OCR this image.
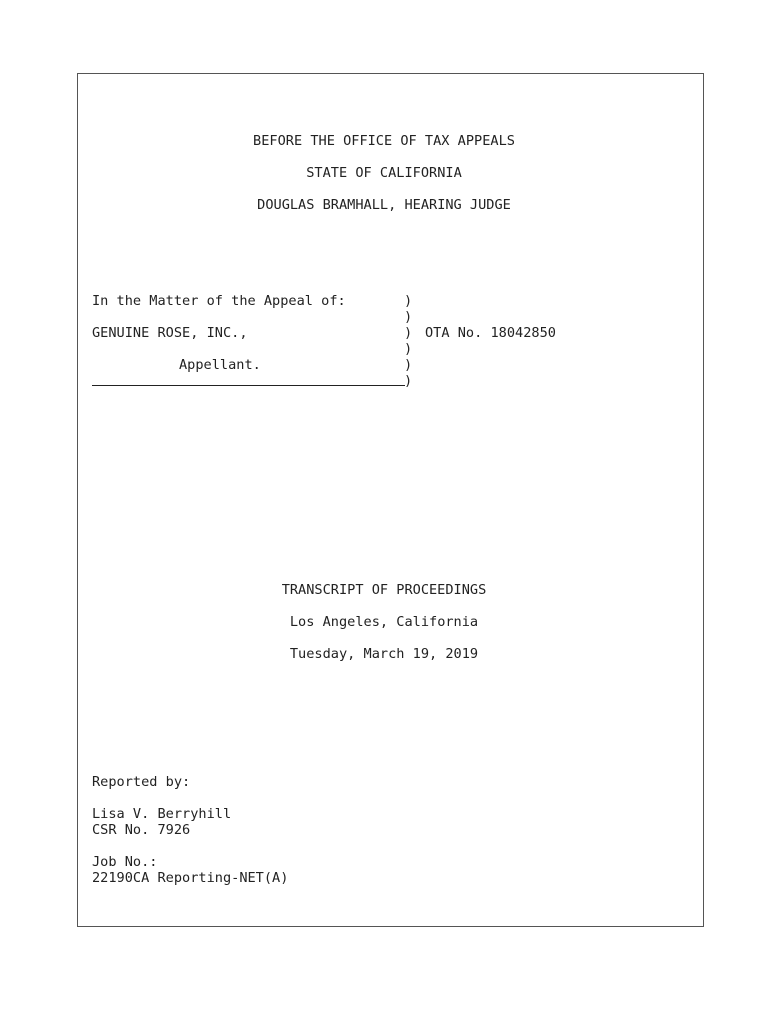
BEFORE THE OFFICE OF TAX APPEALS

STATE OF CALIFORNIA

DOUGLAS BRAMHALL, HEARING JUDGE

In the Matter of the Appeal of:

GENUINE ROSE, INC.,

Appellant.

)

)

)

)

)

)

OTA No. 18042850

TRANSCRIPT OF PROCEEDINGS

Los Angeles, California

Tuesday, March 19, 2019

Reported by:

Lisa V. Berryhill

CSR No. 7926

Job No.:

22190CA Reporting-NET(A)
